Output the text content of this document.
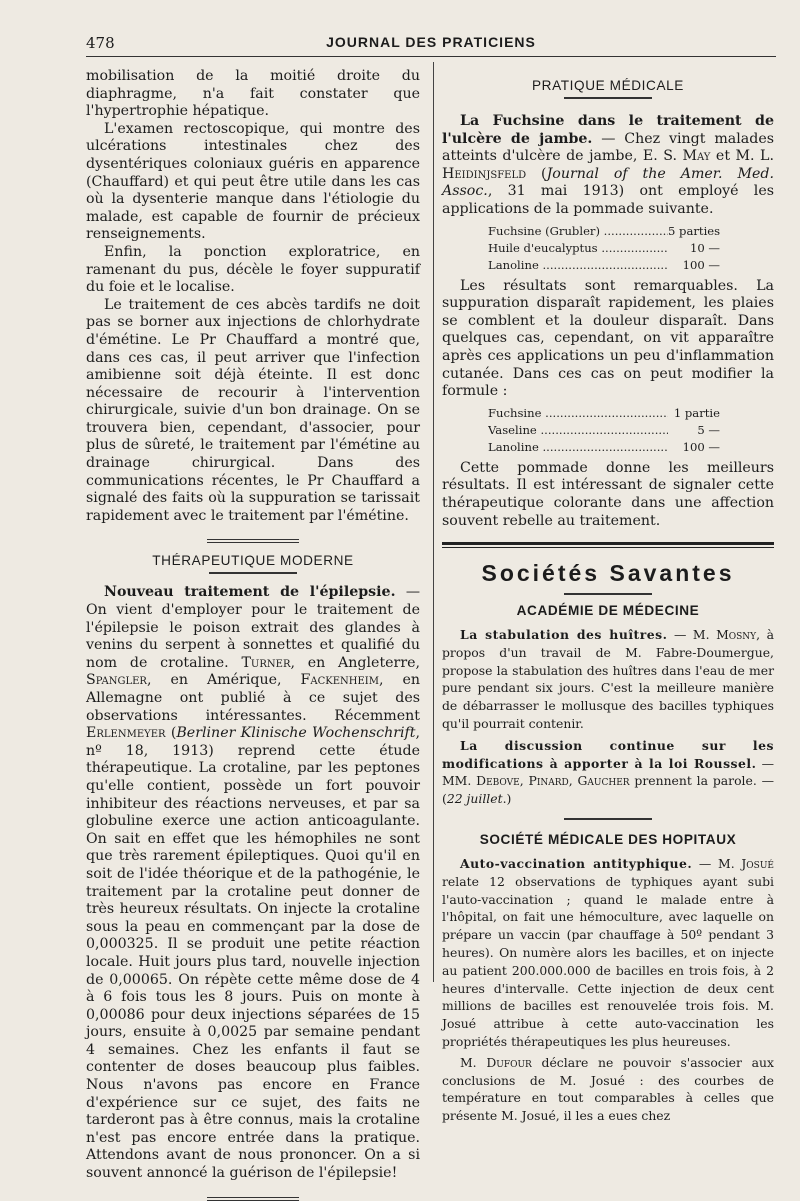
478	JOURNAL DES PRATICIENS

mobilisation de la moitié droite du diaphragme, n'a fait constater que l'hypertrophie hépatique.

L'examen rectoscopique, qui montre des ulcérations intestinales chez des dysentériques coloniaux guéris en apparence (Chauffard) et qui peut être utile dans les cas où la dysenterie manque dans l'étiologie du malade, est capable de fournir de précieux renseignements.

Enfin, la ponction exploratrice, en ramenant du pus, décèle le foyer suppuratif du foie et le localise.

Le traitement de ces abcès tardifs ne doit pas se borner aux injections de chlorhydrate d'émétine. Le Pr Chauffard a montré que, dans ces cas, il peut arriver que l'infection amibienne soit déjà éteinte. Il est donc nécessaire de recourir à l'intervention chirurgicale, suivie d'un bon drainage. On se trouvera bien, cependant, d'associer, pour plus de sûreté, le traitement par l'émétine au drainage chirurgical. Dans des communications récentes, le Pr Chauffard a signalé des faits où la suppuration se tarissait rapidement avec le traitement par l'émétine.

THÉRAPEUTIQUE MODERNE

Nouveau traitement de l'épilepsie. — On vient d'employer pour le traitement de l'épilepsie le poison extrait des glandes à venins du serpent à sonnettes et qualifié du nom de crotaline. Turner, en Angleterre, Spangler, en Amérique, Fackenheim, en Allemagne ont publié à ce sujet des observations intéressantes. Récemment Erlenmeyer (Berliner Klinische Wochenschrift, nº 18, 1913) reprend cette étude thérapeutique. La crotaline, par les peptones qu'elle contient, possède un fort pouvoir inhibiteur des réactions nerveuses, et par sa globuline exerce une action anticoagulante. On sait en effet que les hémophiles ne sont que très rarement épileptiques. Quoi qu'il en soit de l'idée théorique et de la pathogénie, le traitement par la crotaline peut donner de très heureux résultats. On injecte la crotaline sous la peau en commençant par la dose de 0,000325. Il se produit une petite réaction locale. Huit jours plus tard, nouvelle injection de 0,00065. On répète cette même dose de 4 à 6 fois tous les 8 jours. Puis on monte à 0,00086 pour deux injections séparées de 15 jours, ensuite à 0,0025 par semaine pendant 4 semaines. Chez les enfants il faut se contenter de doses beaucoup plus faibles. Nous n'avons pas encore en France d'expérience sur ce sujet, des faits ne tarderont pas à être connus, mais la crotaline n'est pas encore entrée dans la pratique. Attendons avant de nous prononcer. On a si souvent annoncé la guérison de l'épilepsie!

PRATIQUE MÉDICALE

La Fuchsine dans le traitement de l'ulcère de jambe. — Chez vingt malades atteints d'ulcère de jambe, E. S. May et M. L. Heidinjsfeld (Journal of the Amer. Med. Assoc., 31 mai 1913) ont employé les applications de la pommade suivante.

Fuchsine (Grubler) .....	5 parties
Huile d'eucalyptus .....	10 —
Lanoline .....	100 —

Les résultats sont remarquables. La suppuration disparaît rapidement, les plaies se comblent et la douleur disparaît. Dans quelques cas, cependant, on vit apparaître après ces applications un peu d'inflammation cutanée. Dans ces cas on peut modifier la formule :

Fuchsine .....	1 partie
Vaseline .....	5 —
Lanoline .....	100 —

Cette pommade donne les meilleurs résultats. Il est intéressant de signaler cette thérapeutique colorante dans une affection souvent rebelle au traitement.

Sociétés Savantes
ACADÉMIE DE MÉDECINE

La stabulation des huîtres. — M. Mosny, à propos d'un travail de M. Fabre-Doumergue, propose la stabulation des huîtres dans l'eau de mer pure pendant six jours. C'est la meilleure manière de débarrasser le mollusque des bacilles typhiques qu'il pourrait contenir.

La discussion continue sur les modifications à apporter à la loi Roussel. — MM. Debove, Pinard, Gaucher prennent la parole. — (22 juillet.)

SOCIÉTÉ MÉDICALE DES HOPITAUX

Auto-vaccination antityphique. — M. Josué relate 12 observations de typhiques ayant subi l'auto-vaccination ; quand le malade entre à l'hôpital, on fait une hémoculture, avec laquelle on prépare un vaccin (par chauffage à 50º pendant 3 heures). On numère alors les bacilles, et on injecte au patient 200.000.000 de bacilles en trois fois, à 2 heures d'intervalle. Cette injection de deux cent millions de bacilles est renouvelée trois fois. M. Josué attribue à cette auto-vaccination les propriétés thérapeutiques les plus heureuses.

M. Dufour déclare ne pouvoir s'associer aux conclusions de M. Josué : des courbes de température en tout comparables à celles que présente M. Josué, il les a eues chez
